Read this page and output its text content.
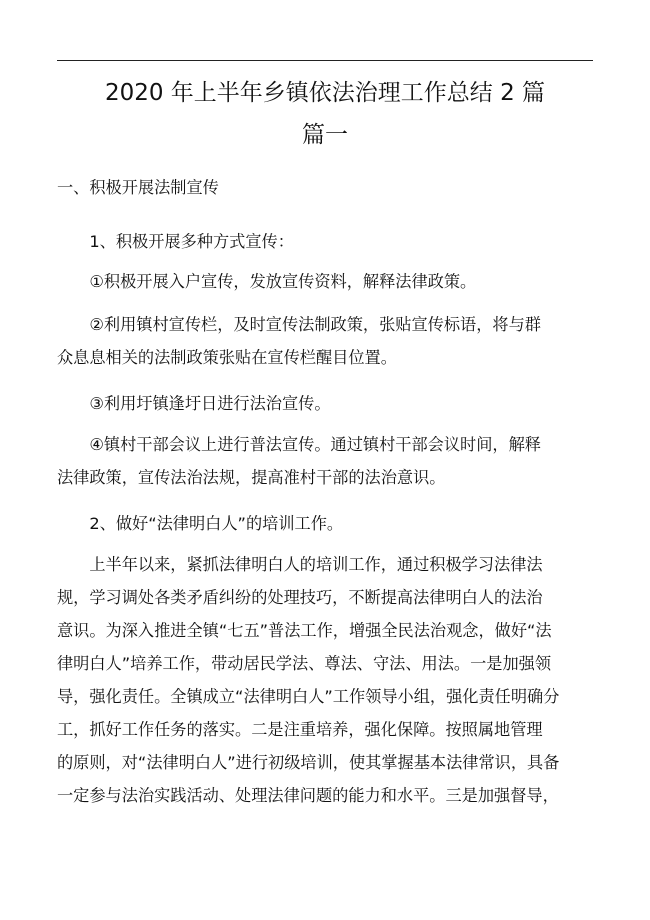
2020 年上半年乡镇依法治理工作总结 2 篇
篇一
一、积极开展法制宣传
　　1、积极开展多种方式宣传：
　　①积极开展入户宣传，发放宣传资料，解释法律政策。
　　②利用镇村宣传栏，及时宣传法制政策，张贴宣传标语，将与群
众息息相关的法制政策张贴在宣传栏醒目位置。
　　③利用圩镇逢圩日进行法治宣传。
　　④镇村干部会议上进行普法宣传。通过镇村干部会议时间，解释
法律政策，宣传法治法规，提高准村干部的法治意识。
　　2、做好“法律明白人”的培训工作。
　　上半年以来，紧抓法律明白人的培训工作，通过积极学习法律法
规，学习调处各类矛盾纠纷的处理技巧，不断提高法律明白人的法治
意识。为深入推进全镇“七五”普法工作，增强全民法治观念，做好“法
律明白人”培养工作，带动居民学法、尊法、守法、用法。一是加强领
导，强化责任。全镇成立“法律明白人”工作领导小组，强化责任明确分
工，抓好工作任务的落实。二是注重培养，强化保障。按照属地管理
的原则，对“法律明白人”进行初级培训，使其掌握基本法律常识，具备
一定参与法治实践活动、处理法律问题的能力和水平。三是加强督导，
